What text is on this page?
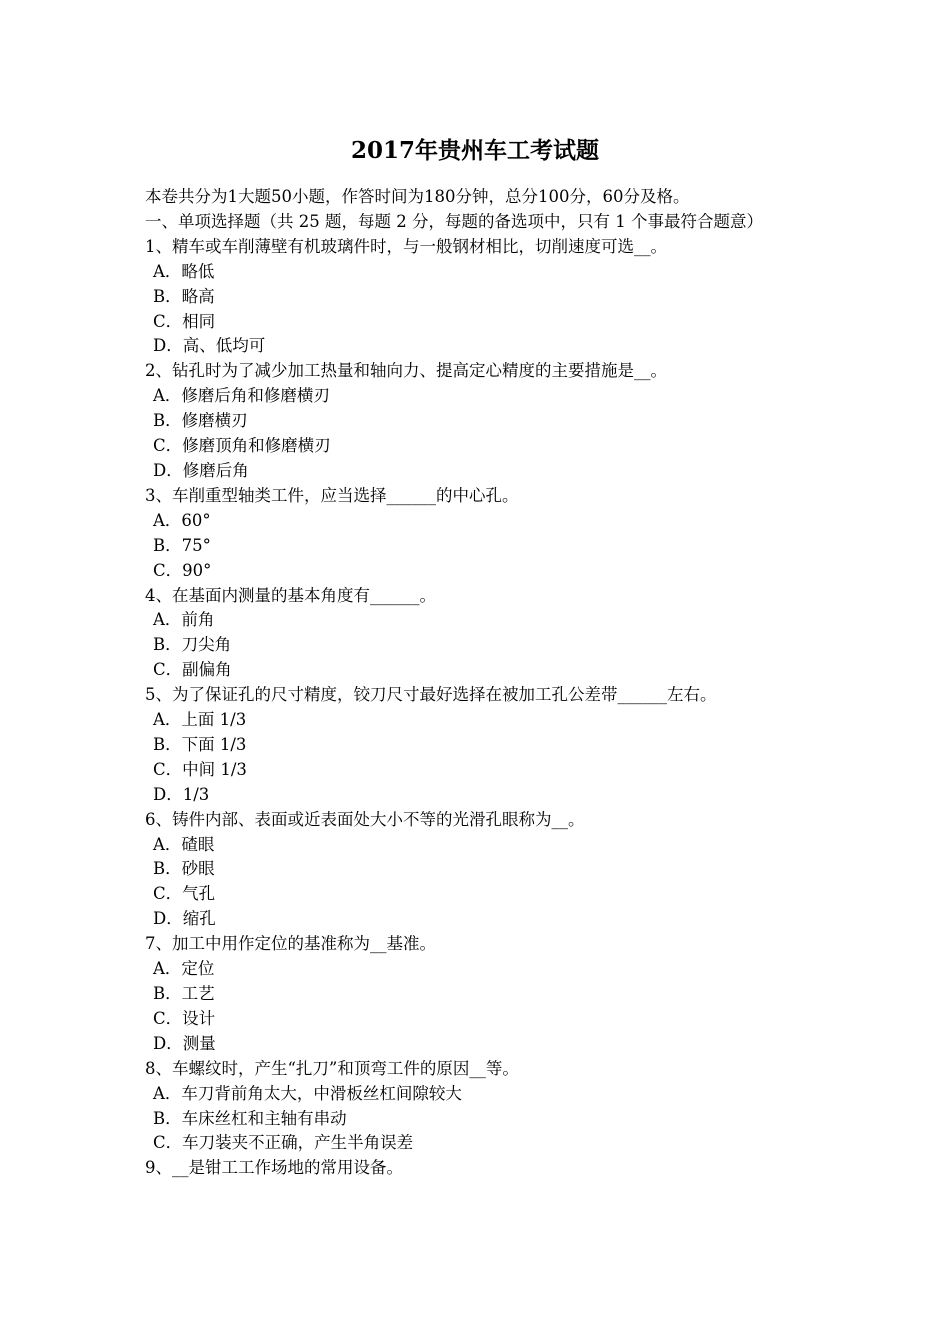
2017年贵州车工考试题
本卷共分为1大题50小题，作答时间为180分钟，总分100分，60分及格。
一、单项选择题（共 25 题，每题 2 分，每题的备选项中，只有 1 个事最符合题意）
1、精车或车削薄壁有机玻璃件时，与一般钢材相比，切削速度可选__。
A．略低
B．略高
C．相同
D．高、低均可
2、钻孔时为了减少加工热量和轴向力、提高定心精度的主要措施是__。
A．修磨后角和修磨横刃
B．修磨横刃
C．修磨顶角和修磨横刃
D．修磨后角
3、车削重型轴类工件，应当选择______的中心孔。
A．60°
B．75°
C．90°
4、在基面内测量的基本角度有______。
A．前角
B．刀尖角
C．副偏角
5、为了保证孔的尺寸精度，铰刀尺寸最好选择在被加工孔公差带______左右。
A．上面 1/3
B．下面 1/3
C．中间 1/3
D．1/3
6、铸件内部、表面或近表面处大小不等的光滑孔眼称为__。
A．碴眼
B．砂眼
C．气孔
D．缩孔
7、加工中用作定位的基准称为__基准。
A．定位
B．工艺
C．设计
D．测量
8、车螺纹时，产生“扎刀”和顶弯工件的原因__等。
A．车刀背前角太大，中滑板丝杠间隙较大
B．车床丝杠和主轴有串动
C．车刀装夹不正确，产生半角误差
9、__是钳工工作场地的常用设备。
